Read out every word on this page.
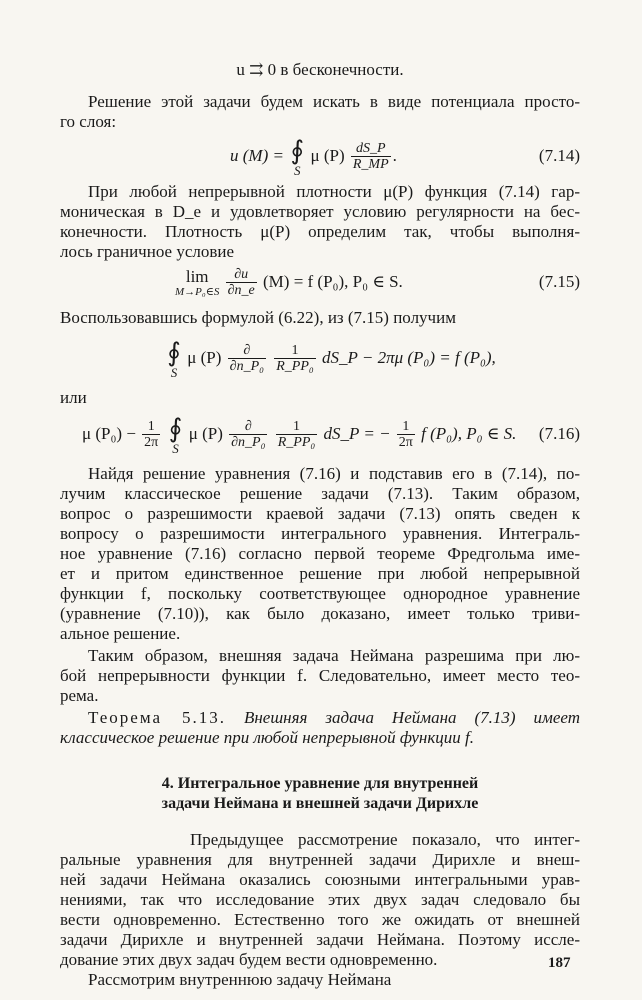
u ⇉ 0 в бесконечности.
Решение этой задачи будем искать в виде потенциала просто-
го слоя:
u (M) = ∮
S
μ $(P) \frac{dS\_P}{R\_MP}$ .	(7.14)
При любой непрерывной плотности μ(P) функция (7.14) гар-
моническая в D_e и удовлетворяет условию регулярности на бес-
конечности. Плотность μ(P) определим так, чтобы выполня-
лось граничное условие
lim
M→P₀∈S
$\frac{\partial u}{\partial n\_e} (M) = f$ (P₀), P₀ ∈ S.	(7.15)
Воспользовавшись формулой (6.22), из (7.15) получим
∮
S
μ $(P) \frac{\partial}{\text{∂n\_P₀}}$
$\frac{1}{\text{R\_PP₀}}$ dS_P − 2πμ (P₀) = f (P₀),
или
μ $(P_0) - \frac{1}{2\pi}$ ∮
S
μ $(P) \frac{\partial}{\text{∂n\_P₀}}$
$\frac{1}{\text{R\_PP₀}}$ dS_P = − $\frac{1}{2\pi}$ f (P₀), P₀ ∈ S. (7.16)
Найдя решение уравнения (7.16) и подставив его в (7.14), по-
лучим классическое решение задачи (7.13). Таким образом,
вопрос о разрешимости краевой задачи (7.13) опять сведен к
вопросу о разрешимости интегрального уравнения. Интеграль-
ное уравнение (7.16) согласно первой теореме Фредгольма име-
ет и притом единственное решение при любой непрерывной
функции f, поскольку соответствующее однородное уравнение
(уравнение (7.10)), как было доказано, имеет только триви-
альное решение.
Таким образом, внешняя задача Неймана разрешима при лю-
бой непрерывности функции f. Следовательно, имеет место тео-
рема.
Теорема 5.13. Внешняя задача Неймана (7.13) имеет
классическое решение при любой непрерывной функции f.
4. Интегральное уравнение для внутренней
задачи Неймана и внешней задачи Дирихле
Предыдущее рассмотрение показало, что интег-
ральные уравнения для внутренней задачи Дирихле и внеш-
ней задачи Неймана оказались союзными интегральными урав-
нениями, так что исследование этих двух задач следовало бы
вести одновременно. Естественно того же ожидать от внешней
задачи Дирихле и внутренней задачи Неймана. Поэтому иссле-
дование этих двух задач будем вести одновременно.
Рассмотрим внутреннюю задачу Неймана
187
